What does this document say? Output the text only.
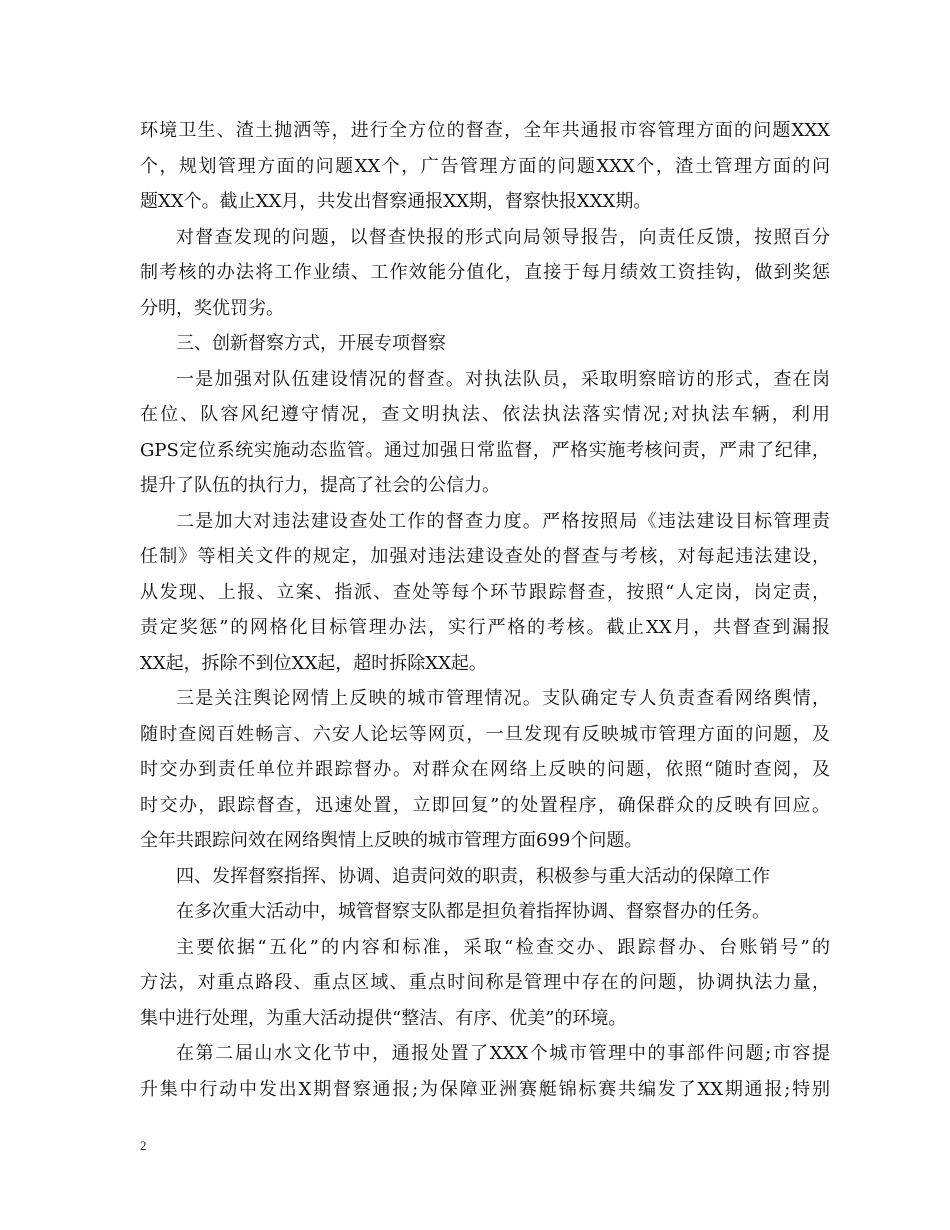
环境卫生、渣土抛洒等，进行全方位的督查，全年共通报市容管理方面的问题XXX
个，规划管理方面的问题XX个，广告管理方面的问题XXX个，渣土管理方面的问
题XX个。截止XX月，共发出督察通报XX期，督察快报XXX期。
对督查发现的问题，以督查快报的形式向局领导报告，向责任反馈，按照百分
制考核的办法将工作业绩、工作效能分值化，直接于每月绩效工资挂钩，做到奖惩
分明，奖优罚劣。
三、创新督察方式，开展专项督察
一是加强对队伍建设情况的督查。对执法队员，采取明察暗访的形式，查在岗
在位、队容风纪遵守情况，查文明执法、依法执法落实情况;对执法车辆，利用
GPS定位系统实施动态监管。通过加强日常监督，严格实施考核问责，严肃了纪律，
提升了队伍的执行力，提高了社会的公信力。
二是加大对违法建设查处工作的督查力度。严格按照局《违法建设目标管理责
任制》等相关文件的规定，加强对违法建设查处的督查与考核，对每起违法建设，
从发现、上报、立案、指派、查处等每个环节跟踪督查，按照“人定岗，岗定责，
责定奖惩”的网格化目标管理办法，实行严格的考核。截止XX月，共督查到漏报
XX起，拆除不到位XX起，超时拆除XX起。
三是关注舆论网情上反映的城市管理情况。支队确定专人负责查看网络舆情，
随时查阅百姓畅言、六安人论坛等网页，一旦发现有反映城市管理方面的问题，及
时交办到责任单位并跟踪督办。对群众在网络上反映的问题，依照“随时查阅，及
时交办，跟踪督查，迅速处置，立即回复”的处置程序，确保群众的反映有回应。
全年共跟踪问效在网络舆情上反映的城市管理方面699个问题。
四、发挥督察指挥、协调、追责问效的职责，积极参与重大活动的保障工作
在多次重大活动中，城管督察支队都是担负着指挥协调、督察督办的任务。
主要依据“五化”的内容和标准，采取“检查交办、跟踪督办、台账销号”的
方法，对重点路段、重点区域、重点时间称是管理中存在的问题，协调执法力量，
集中进行处理，为重大活动提供“整洁、有序、优美”的环境。
在第二届山水文化节中，通报处置了XXX个城市管理中的事部件问题;市容提
升集中行动中发出X期督察通报;为保障亚洲赛艇锦标赛共编发了XX期通报;特别
2
